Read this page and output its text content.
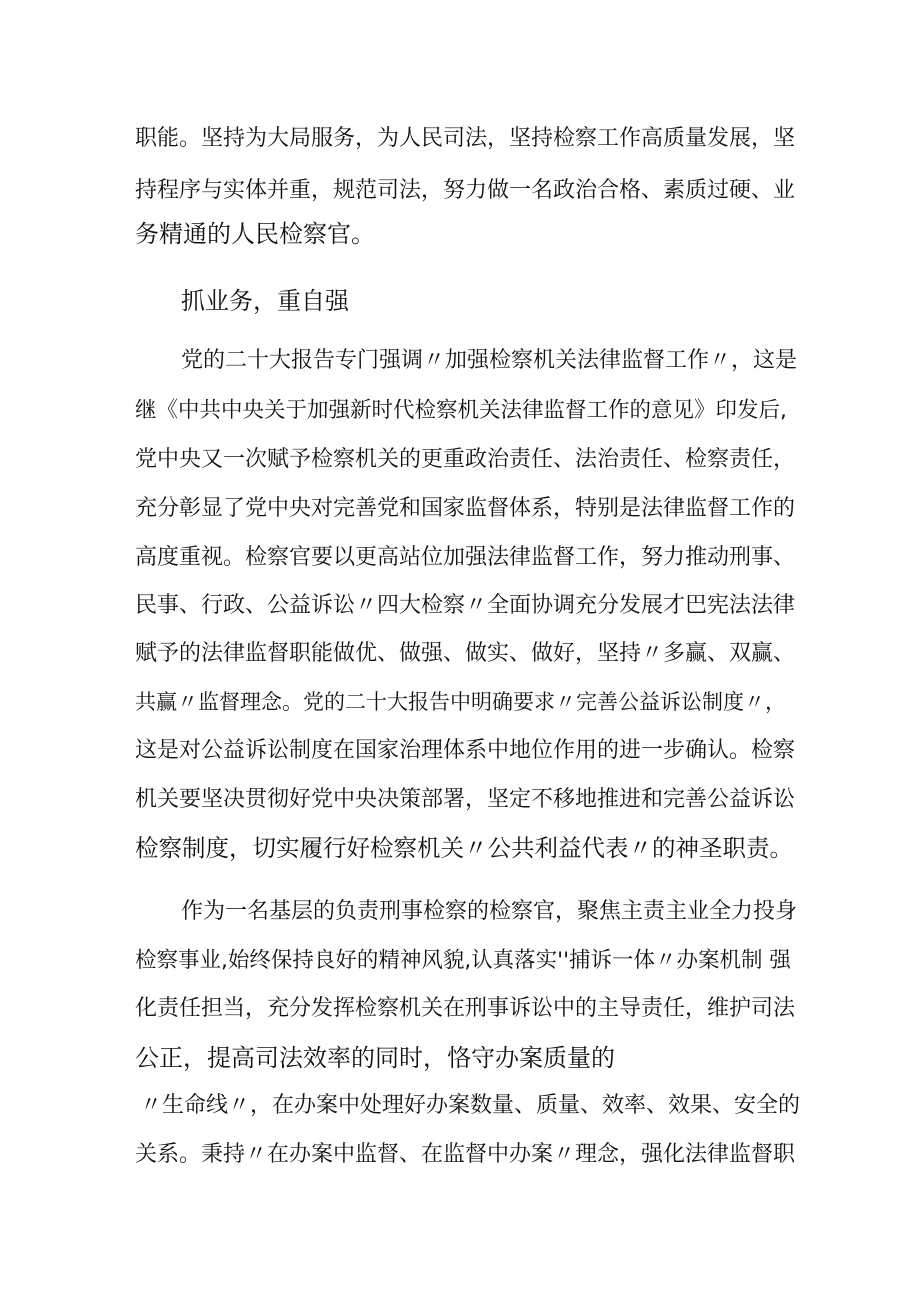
职能。坚持为大局服务，为人民司法，坚持检察工作高质量发展，坚
持程序与实体并重，规范司法，努力做一名政治合格、素质过硬、业
务精通的人民检察官。
抓业务，重自强
党的二十大报告专门强调〃加强检察机关法律监督工作〃，这是
继《中共中央关于加强新时代检察机关法律监督工作的意见》印发后,
党中央又一次赋予检察机关的更重政治责任、法治责任、检察责任，
充分彰显了党中央对完善党和国家监督体系，特别是法律监督工作的
高度重视。检察官要以更高站位加强法律监督工作，努力推动刑事、
民事、行政、公益诉讼〃四大检察〃全面协调充分发展才巴宪法法律
赋予的法律监督职能做优、做强、做实、做好，坚持〃多赢、双赢、
共赢〃监督理念。党的二十大报告中明确要求〃完善公益诉讼制度〃，
这是对公益诉讼制度在国家治理体系中地位作用的进一步确认。检察
机关要坚决贯彻好党中央决策部署，坚定不移地推进和完善公益诉讼
检察制度，切实履行好检察机关〃公共利益代表〃的神圣职责。
作为一名基层的负责刑事检察的检察官，聚焦主责主业全力投身
检察事业,始终保持良好的精神风貌,认真落实''捕诉一体〃办案机制 强
化责任担当，充分发挥检察机关在刑事诉讼中的主导责任，维护司法
公正，提高司法效率的同时，恪守办案质量的
〃生命线〃，在办案中处理好办案数量、质量、效率、效果、安全的
关系。秉持〃在办案中监督、在监督中办案〃理念，强化法律监督职
